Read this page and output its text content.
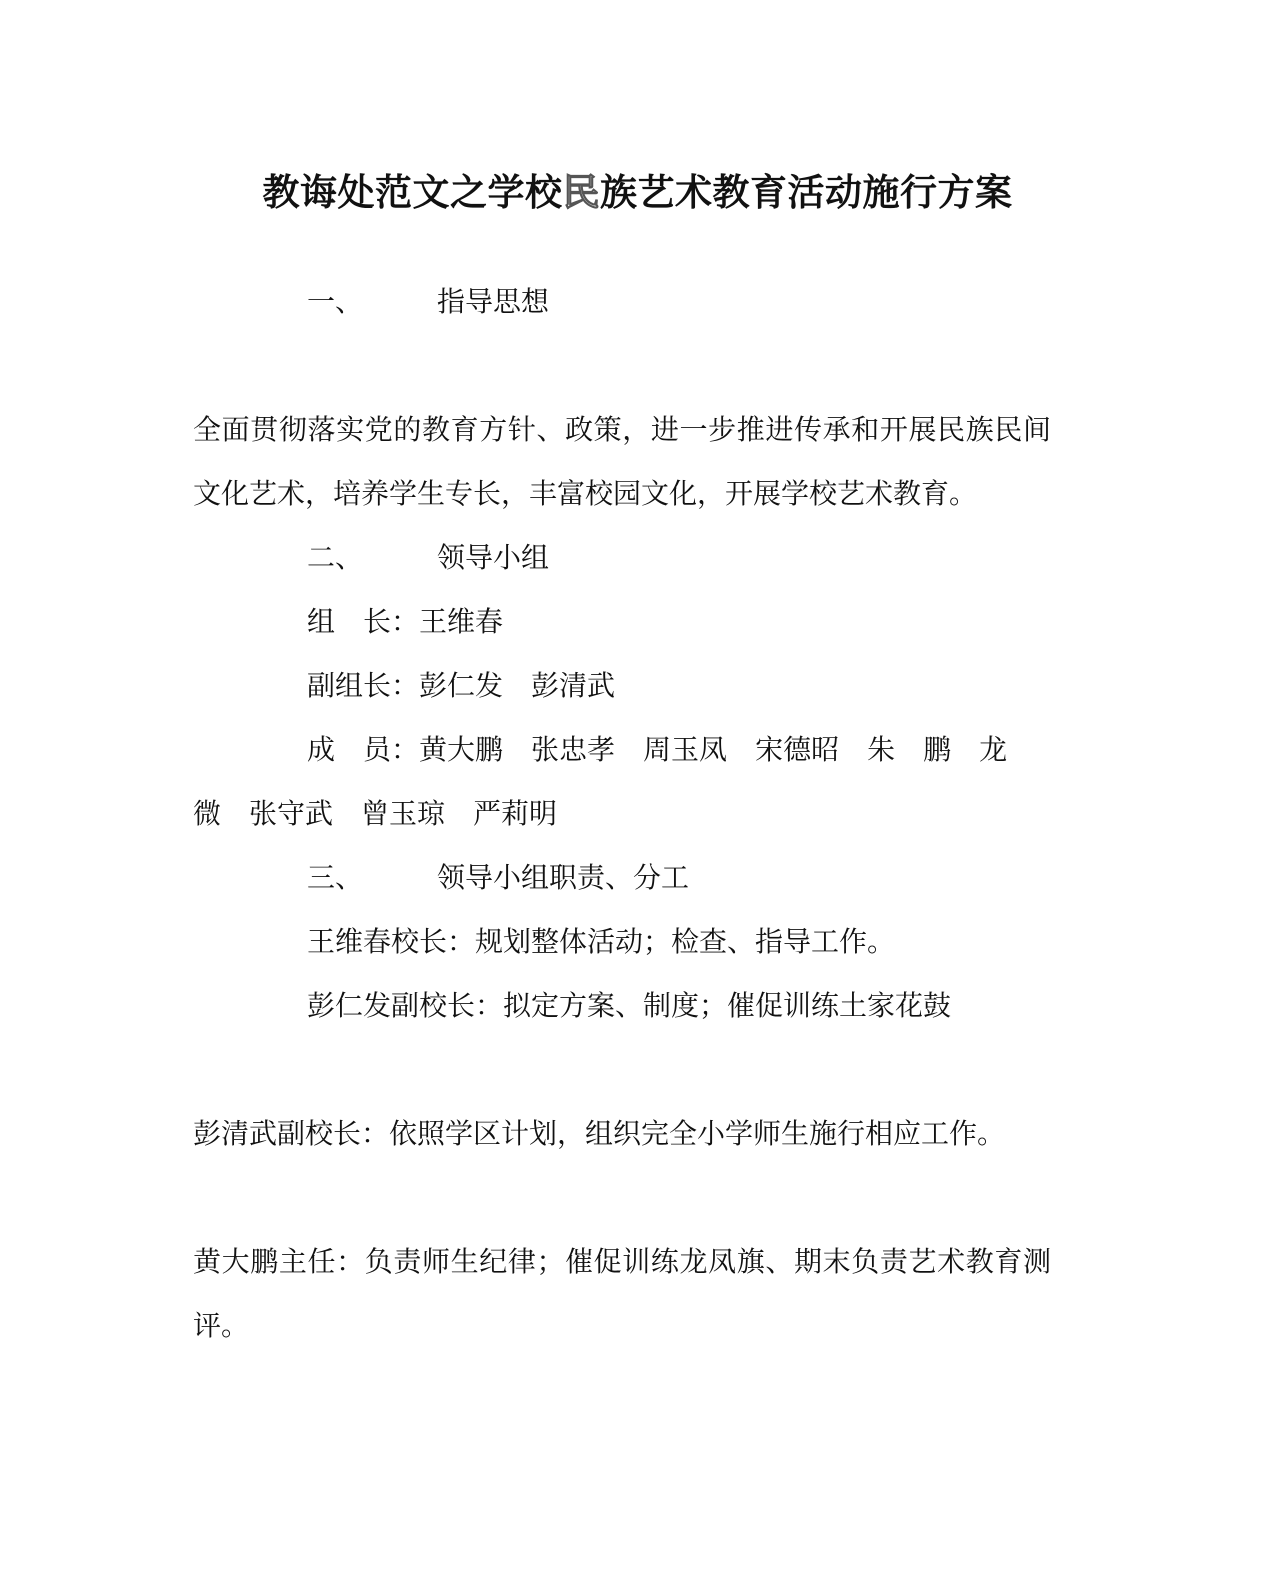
教诲处范文之学校民族艺术教育活动施行方案

一、	指导思想

全面贯彻落实党的教育方针、政策，进一步推进传承和开展民族民间

文化艺术，培养学生专长，丰富校园文化，开展学校艺术教育。

二、	领导小组

组　长：王维春

副组长：彭仁发 彭清武

成　员：黄大鹏 张忠孝 周玉凤 宋德昭 朱　鹏 龙

微 张守武 曾玉琼 严莉明

三、	领导小组职责、分工

王维春校长：规划整体活动；检查、指导工作。

彭仁发副校长：拟定方案、制度；催促训练土家花鼓

彭清武副校长：依照学区计划，组织完全小学师生施行相应工作。

黄大鹏主任：负责师生纪律；催促训练龙凤旗、期末负责艺术教育测

评。
